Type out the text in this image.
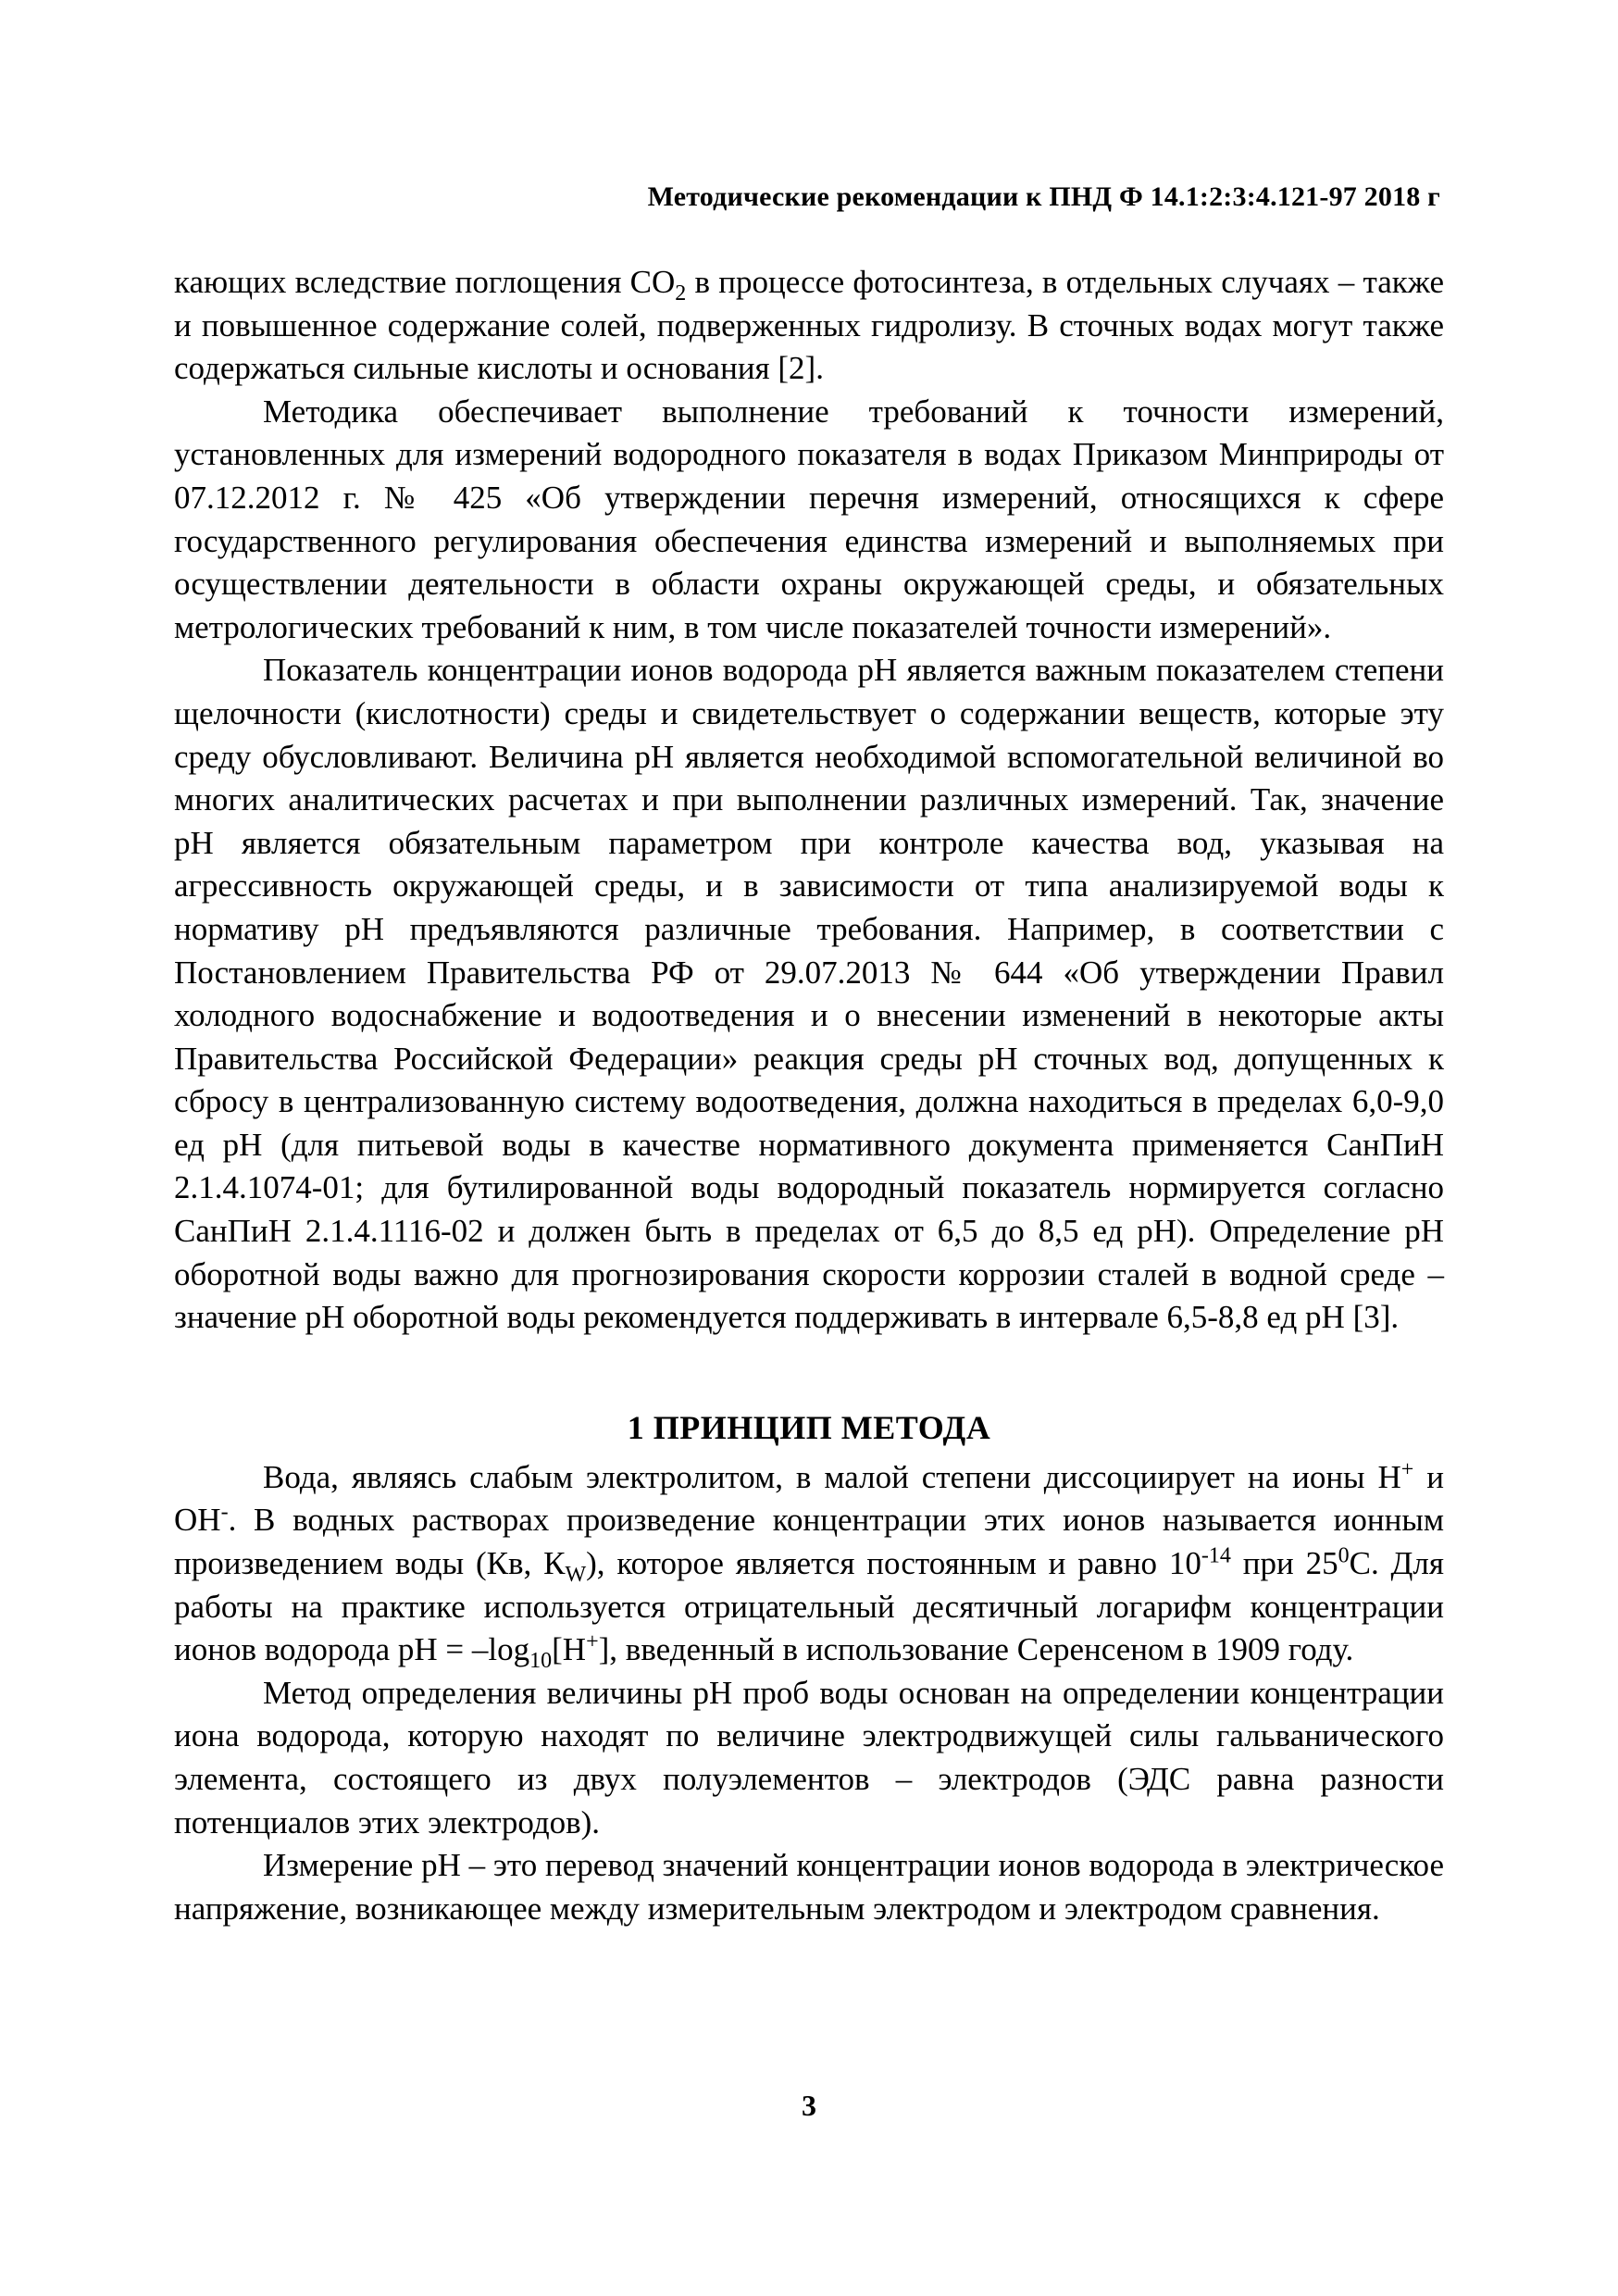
Методические рекомендации к ПНД Ф 14.1:2:3:4.121-97 2018 г

кающих вследствие поглощения $СО_2$ в процессе фотосинтеза, в отдельных случаях – также и повышенное содержание солей, подверженных гидролизу. В сточных водах могут также содержаться сильные кислоты и основания [2].

Методика обеспечивает выполнение требований к точности измерений, установленных для измерений водородного показателя в водах Приказом Минприроды от 07.12.2012 г. № 425 «Об утверждении перечня измерений, относящихся к сфере государственного регулирования обеспечения единства измерений и выполняемых при осуществлении деятельности в области охраны окружающей среды, и обязательных метрологических требований к ним, в том числе показателей точности измерений».

Показатель концентрации ионов водорода pH является важным показателем степени щелочности (кислотности) среды и свидетельствует о содержании веществ, которые эту среду обусловливают. Величина pH является необходимой вспомогательной величиной во многих аналитических расчетах и при выполнении различных измерений. Так, значение pH является обязательным параметром при контроле качества вод, указывая на агрессивность окружающей среды, и в зависимости от типа анализируемой воды к нормативу pH предъявляются различные требования. Например, в соответствии с Постановлением Правительства РФ от 29.07.2013 № 644 «Об утверждении Правил холодного водоснабжение и водоотведения и о внесении изменений в некоторые акты Правительства Российской Федерации» реакция среды pH сточных вод, допущенных к сбросу в централизованную систему водоотведения, должна находиться в пределах 6,0-9,0 ед pH (для питьевой воды в качестве нормативного документа применяется СанПиН 2.1.4.1074-01; для бутилированной воды водородный показатель нормируется согласно СанПиН 2.1.4.1116-02 и должен быть в пределах от 6,5 до 8,5 ед pH). Определение pH оборотной воды важно для прогнозирования скорости коррозии сталей в водной среде – значение pH оборотной воды рекомендуется поддерживать в интервале 6,5-8,8 ед pH [3].

1 ПРИНЦИП МЕТОДА

Вода, являясь слабым электролитом, в малой степени диссоциирует на ионы Н+ и ОН-. В водных растворах произведение концентрации этих ионов называется ионным произведением воды (Кв, $К_W$), которое является постоянным и равно $10^{-14}$ при $25^0С$. Для работы на практике используется отрицательный десятичный логарифм концентрации ионов водорода pH = $-\log_{10}[Н^+]$, введенный в использование Сеpенсеном в 1909 году.

Метод определения величины pH проб воды основан на определении концентрации иона водорода, которую находят по величине электродвижущей силы гальванического элемента, состоящего из двух полуэлементов – электродов (ЭДС равна разности потенциалов этих электродов).

Измерение pH – это перевод значений концентрации ионов водорода в электрическое напряжение, возникающее между измерительным электродом и электродом сравнения.

3
